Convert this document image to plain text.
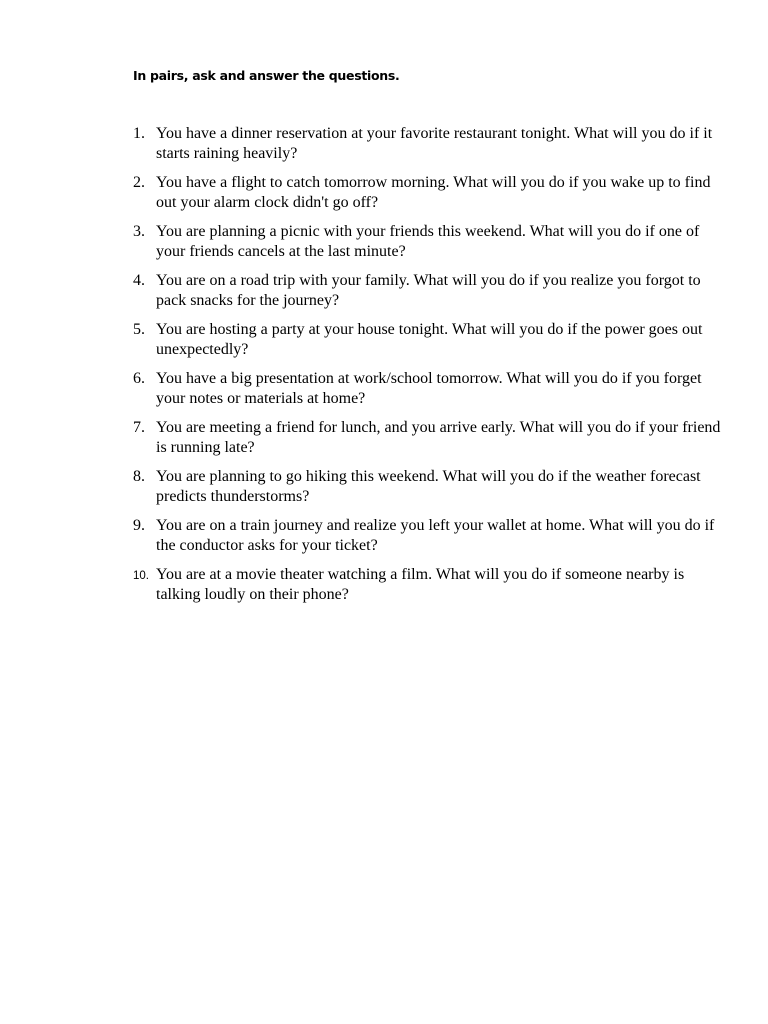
In pairs, ask and answer the questions.

1. You have a dinner reservation at your favorite restaurant tonight. What will you do if it starts raining heavily?
2. You have a flight to catch tomorrow morning. What will you do if you wake up to find out your alarm clock didn't go off?
3. You are planning a picnic with your friends this weekend. What will you do if one of your friends cancels at the last minute?
4. You are on a road trip with your family. What will you do if you realize you forgot to pack snacks for the journey?
5. You are hosting a party at your house tonight. What will you do if the power goes out unexpectedly?
6. You have a big presentation at work/school tomorrow. What will you do if you forget your notes or materials at home?
7. You are meeting a friend for lunch, and you arrive early. What will you do if your friend is running late?
8. You are planning to go hiking this weekend. What will you do if the weather forecast predicts thunderstorms?
9. You are on a train journey and realize you left your wallet at home. What will you do if the conductor asks for your ticket?
10. You are at a movie theater watching a film. What will you do if someone nearby is talking loudly on their phone?
